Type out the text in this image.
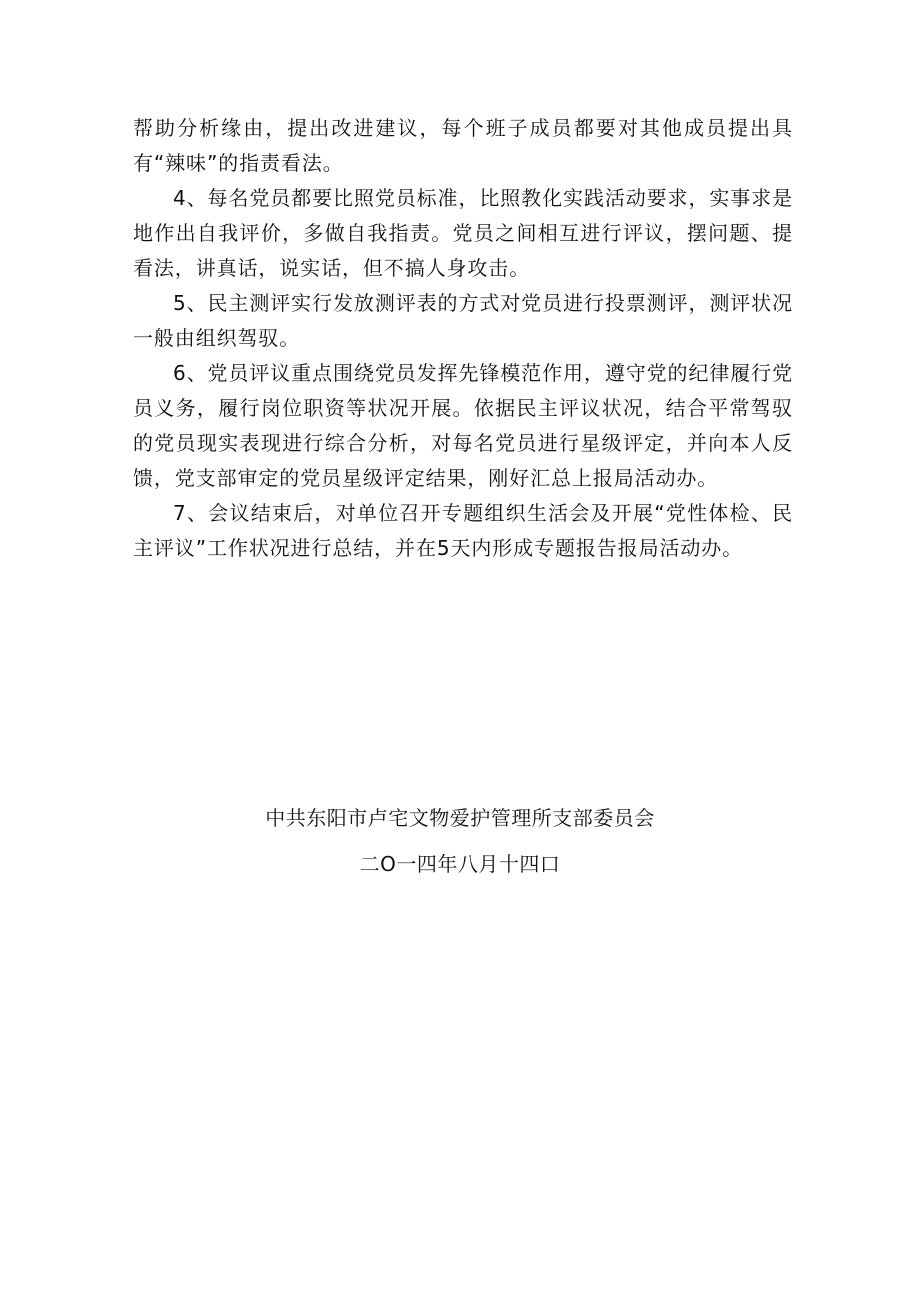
帮助分析缘由，提出改进建议，每个班子成员都要对其他成员提出具有“辣味”的指责看法。

4、每名党员都要比照党员标准，比照教化实践活动要求，实事求是地作出自我评价，多做自我指责。党员之间相互进行评议，摆问题、提看法，讲真话，说实话，但不搞人身攻击。

5、民主测评实行发放测评表的方式对党员进行投票测评，测评状况一般由组织驾驭。

6、党员评议重点围绕党员发挥先锋模范作用，遵守党的纪律履行党员义务，履行岗位职资等状况开展。依据民主评议状况，结合平常驾驭的党员现实表现进行综合分析，对每名党员进行星级评定，并向本人反馈，党支部审定的党员星级评定结果，刚好汇总上报局活动办。

7、会议结束后，对单位召开专题组织生活会及开展“党性体检、民主评议”工作状况进行总结，并在5天内形成专题报告报局活动办。

中共东阳市卢宅文物爱护管理所支部委员会
二O一四年八月十四口
